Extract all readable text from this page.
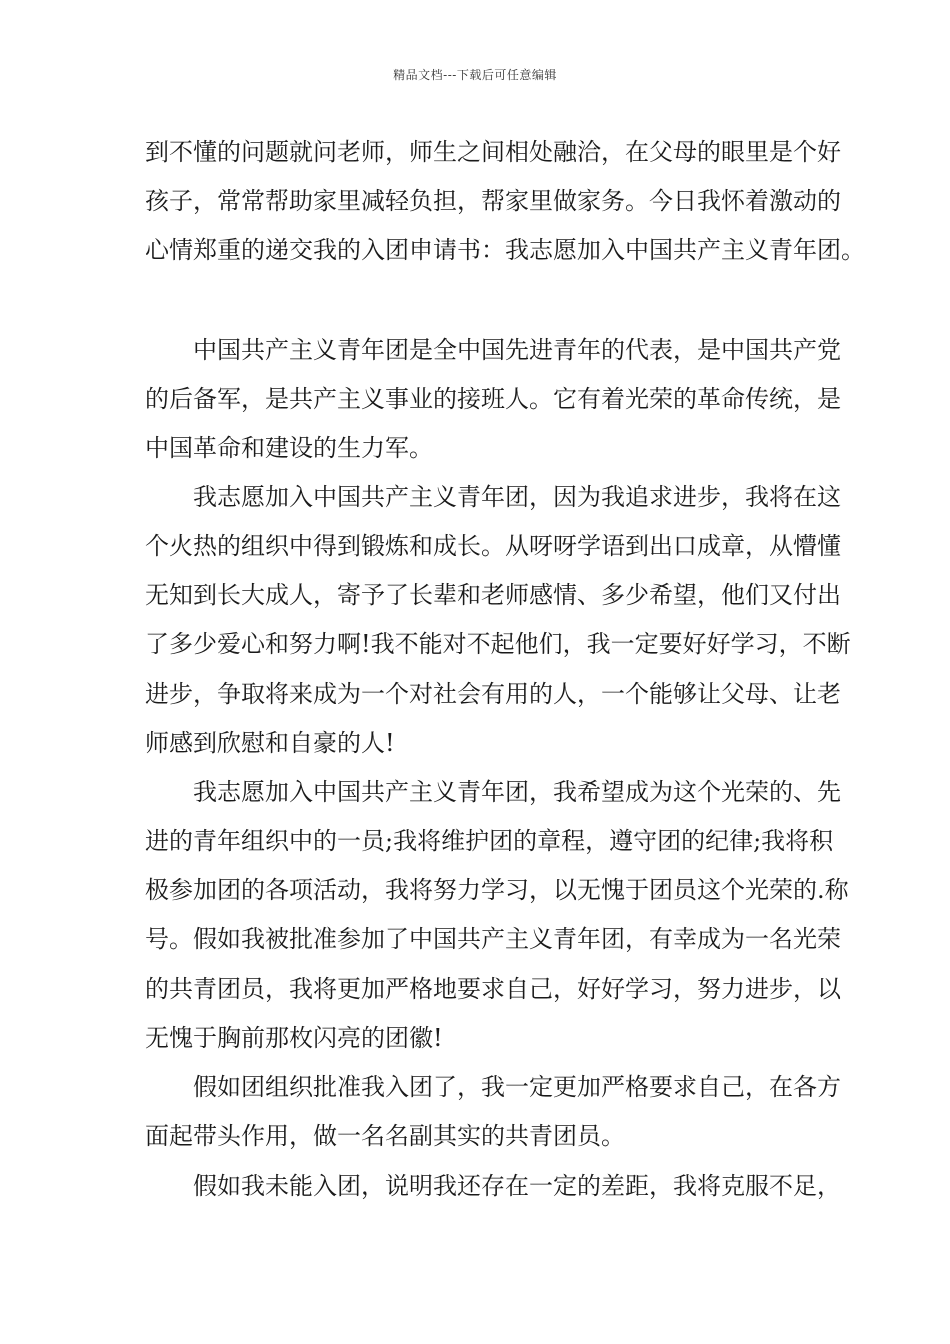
精品文档---下载后可任意编辑
到不懂的问题就问老师，师生之间相处融洽，在父母的眼里是个好
孩子，常常帮助家里减轻负担，帮家里做家务。今日我怀着激动的
心情郑重的递交我的入团申请书：我志愿加入中国共产主义青年团。
中国共产主义青年团是全中国先进青年的代表，是中国共产党
的后备军，是共产主义事业的接班人。它有着光荣的革命传统，是
中国革命和建设的生力军。
我志愿加入中国共产主义青年团，因为我追求进步，我将在这
个火热的组织中得到锻炼和成长。从呀呀学语到出口成章，从懵懂
无知到长大成人，寄予了长辈和老师感情、多少希望，他们又付出
了多少爱心和努力啊!我不能对不起他们，我一定要好好学习，不断
进步，争取将来成为一个对社会有用的人，一个能够让父母、让老
师感到欣慰和自豪的人!
我志愿加入中国共产主义青年团，我希望成为这个光荣的、先
进的青年组织中的一员;我将维护团的章程，遵守团的纪律;我将积
极参加团的各项活动，我将努力学习，以无愧于团员这个光荣的.称
号。假如我被批准参加了中国共产主义青年团，有幸成为一名光荣
的共青团员，我将更加严格地要求自己，好好学习，努力进步，以
无愧于胸前那枚闪亮的团徽!
假如团组织批准我入团了，我一定更加严格要求自己，在各方
面起带头作用，做一名名副其实的共青团员。
假如我未能入团，说明我还存在一定的差距，我将克服不足，
